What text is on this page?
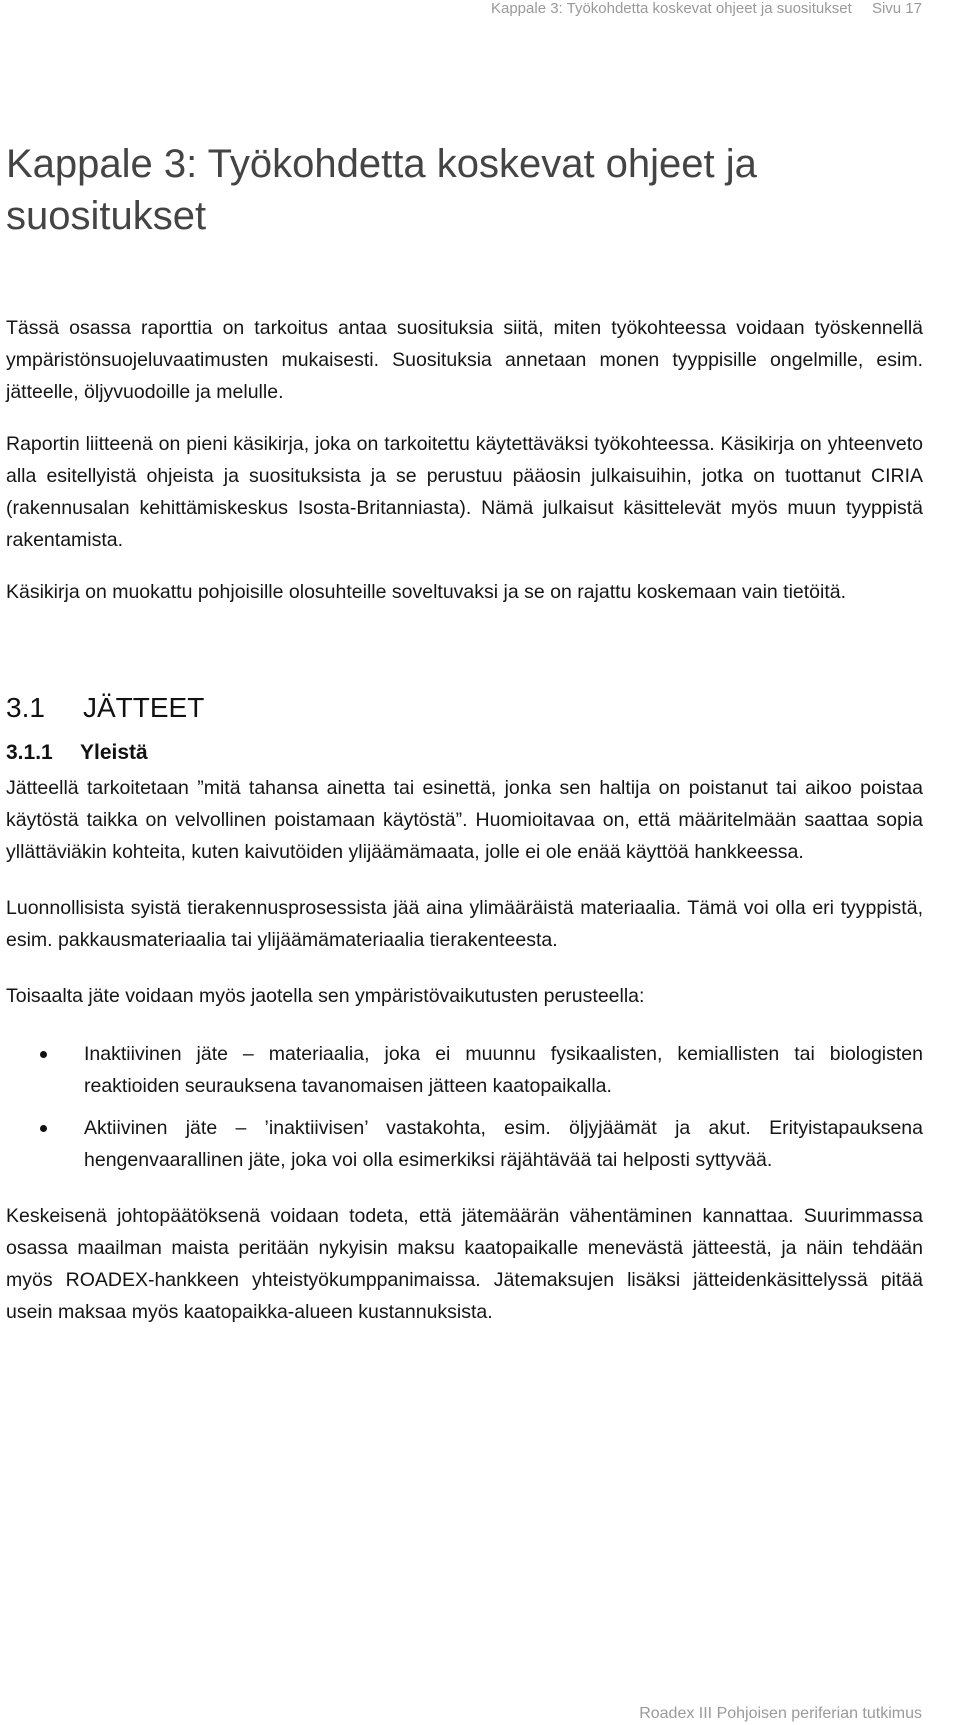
Kappale 3: Työkohdetta koskevat ohjeet ja suositukset Sivu 17
Kappale 3: Työkohdetta koskevat ohjeet ja suositukset

Tässä osassa raporttia on tarkoitus antaa suosituksia siitä, miten työkohteessa voidaan työskennellä ympäristönsuojeluvaatimusten mukaisesti. Suosituksia annetaan monen tyyppisille ongelmille, esim. jätteelle, öljyvuodoille ja melulle.

Raportin liitteenä on pieni käsikirja, joka on tarkoitettu käytettäväksi työkohteessa. Käsikirja on yhteenveto alla esitellyistä ohjeista ja suosituksista ja se perustuu pääosin julkaisuihin, jotka on tuottanut CIRIA (rakennusalan kehittämiskeskus Isosta-Britanniasta). Nämä julkaisut käsittelevät myös muun tyyppistä rakentamista.

Käsikirja on muokattu pohjoisille olosuhteille soveltuvaksi ja se on rajattu koskemaan vain tietöitä.

3.1 JÄTTEET
3.1.1 Yleistä

Jätteellä tarkoitetaan ”mitä tahansa ainetta tai esinettä, jonka sen haltija on poistanut tai aikoo poistaa käytöstä taikka on velvollinen poistamaan käytöstä”. Huomioitavaa on, että määritelmään saattaa sopia yllättäviäkin kohteita, kuten kaivutöiden ylijäämämaata, jolle ei ole enää käyttöä hankkeessa.

Luonnollisista syistä tierakennusprosessista jää aina ylimääräistä materiaalia. Tämä voi olla eri tyyppistä, esim. pakkausmateriaalia tai ylijäämämateriaalia tierakenteesta.

Toisaalta jäte voidaan myös jaotella sen ympäristövaikutusten perusteella:

Inaktiivinen jäte – materiaalia, joka ei muunnu fysikaalisten, kemiallisten tai biologisten reaktioiden seurauksena tavanomaisen jätteen kaatopaikalla.
Aktiivinen jäte – ’inaktiivisen’ vastakohta, esim. öljyjäämät ja akut. Erityistapauksena hengenvaarallinen jäte, joka voi olla esimerkiksi räjähtävää tai helposti syttyvää.

Keskeisenä johtopäätöksenä voidaan todeta, että jätemäärän vähentäminen kannattaa. Suurimmassa osassa maailman maista peritään nykyisin maksu kaatopaikalle menevästä jätteestä, ja näin tehdään myös ROADEX-hankkeen yhteistyökumppanimaissa. Jätemaksujen lisäksi jätteidenkäsittelyssä pitää usein maksaa myös kaatopaikka-alueen kustannuksista.

Roadex III Pohjoisen periferian tutkimus
